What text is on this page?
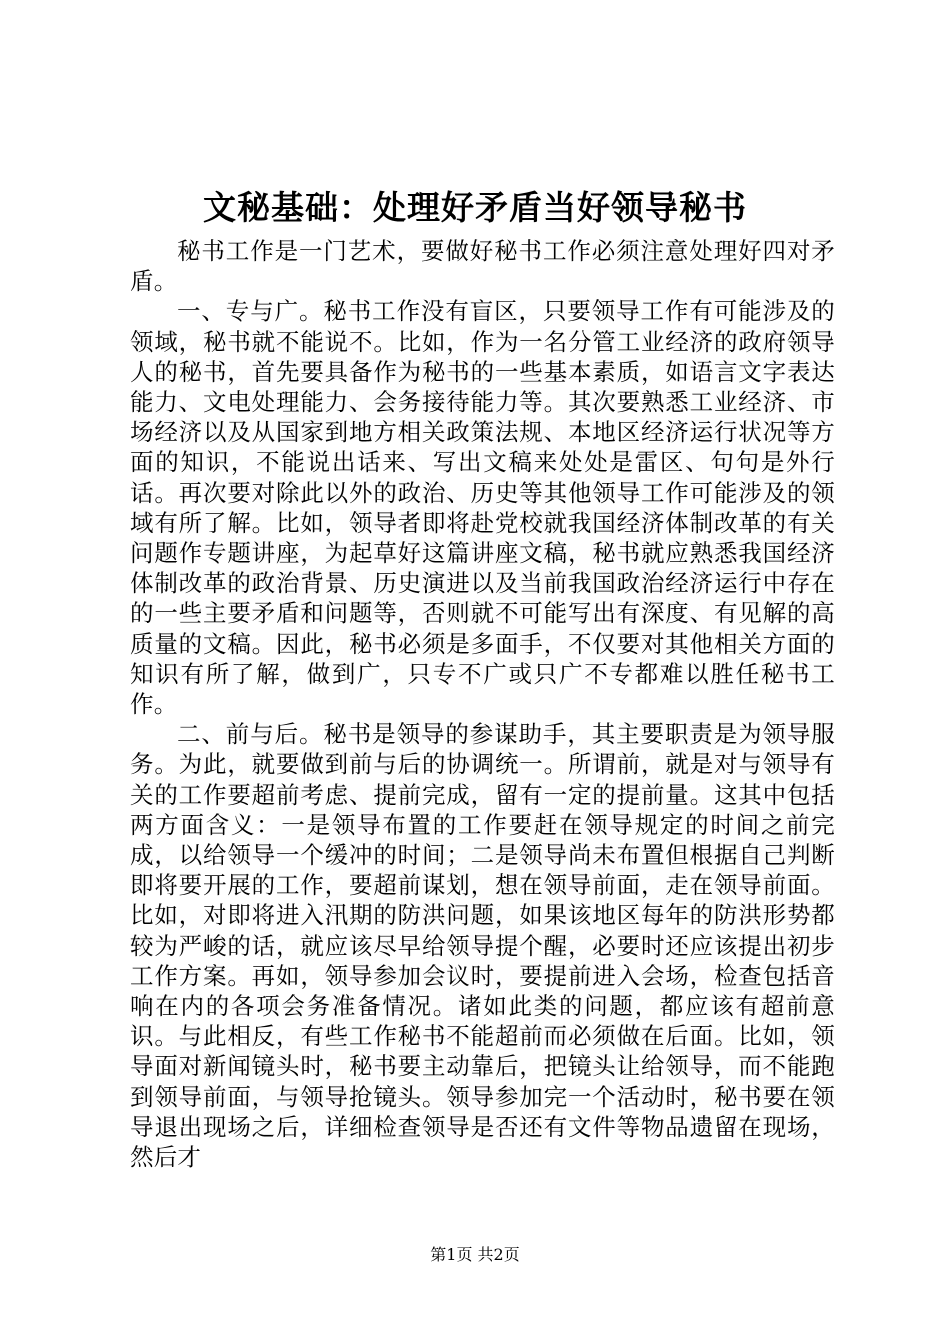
文秘基础：处理好矛盾当好领导秘书

秘书工作是一门艺术，要做好秘书工作必须注意处理好四对矛盾。

一、专与广。秘书工作没有盲区，只要领导工作有可能涉及的领域，秘书就不能说不。比如，作为一名分管工业经济的政府领导人的秘书，首先要具备作为秘书的一些基本素质，如语言文字表达能力、文电处理能力、会务接待能力等。其次要熟悉工业经济、市场经济以及从国家到地方相关政策法规、本地区经济运行状况等方面的知识，不能说出话来、写出文稿来处处是雷区、句句是外行话。再次要对除此以外的政治、历史等其他领导工作可能涉及的领域有所了解。比如，领导者即将赴党校就我国经济体制改革的有关问题作专题讲座，为起草好这篇讲座文稿，秘书就应熟悉我国经济体制改革的政治背景、历史演进以及当前我国政治经济运行中存在的一些主要矛盾和问题等，否则就不可能写出有深度、有见解的高质量的文稿。因此，秘书必须是多面手，不仅要对其他相关方面的知识有所了解，做到广，只专不广或只广不专都难以胜任秘书工作。

二、前与后。秘书是领导的参谋助手，其主要职责是为领导服务。为此，就要做到前与后的协调统一。所谓前，就是对与领导有关的工作要超前考虑、提前完成，留有一定的提前量。这其中包括两方面含义：一是领导布置的工作要赶在领导规定的时间之前完成，以给领导一个缓冲的时间；二是领导尚未布置但根据自己判断即将要开展的工作，要超前谋划，想在领导前面，走在领导前面。比如，对即将进入汛期的防洪问题，如果该地区每年的防洪形势都较为严峻的话，就应该尽早给领导提个醒，必要时还应该提出初步工作方案。再如，领导参加会议时，要提前进入会场，检查包括音响在内的各项会务准备情况。诸如此类的问题，都应该有超前意识。与此相反，有些工作秘书不能超前而必须做在后面。比如，领导面对新闻镜头时，秘书要主动靠后，把镜头让给领导，而不能跑到领导前面，与领导抢镜头。领导参加完一个活动时，秘书要在领导退出现场之后，详细检查领导是否还有文件等物品遗留在现场，然后才

第1页 共2页
